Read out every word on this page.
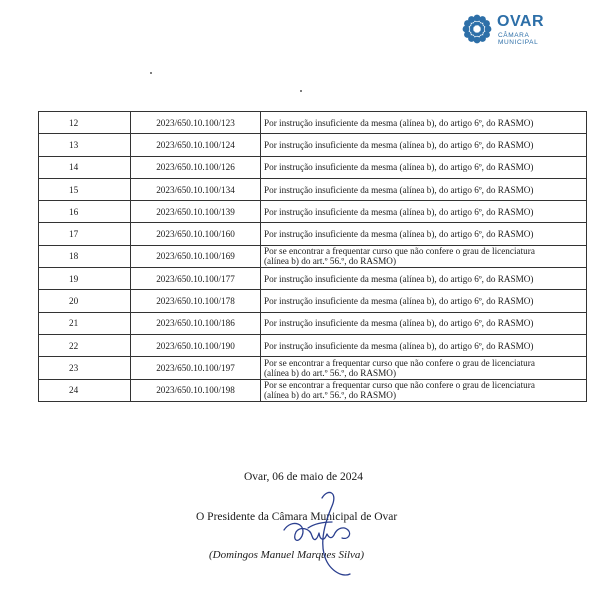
OVAR
CÂMARA
MUNICIPAL
12	2023/650.10.100/123	Por instrução insuficiente da mesma (alínea b), do artigo 6º, do RASMO)

13	2023/650.10.100/124	Por instrução insuficiente da mesma (alínea b), do artigo 6º, do RASMO)

14	2023/650.10.100/126	Por instrução insuficiente da mesma (alínea b), do artigo 6º, do RASMO)

15	2023/650.10.100/134	Por instrução insuficiente da mesma (alínea b), do artigo 6º, do RASMO)

16	2023/650.10.100/139	Por instrução insuficiente da mesma (alínea b), do artigo 6º, do RASMO)

17	2023/650.10.100/160	Por instrução insuficiente da mesma (alínea b), do artigo 6º, do RASMO)

18	2023/650.10.100/169	Por se encontrar a frequentar curso que não confere o grau de licenciatura
(alínea b) do art.º 56.º, do RASMO)

19	2023/650.10.100/177	Por instrução insuficiente da mesma (alínea b), do artigo 6º, do RASMO)

20	2023/650.10.100/178	Por instrução insuficiente da mesma (alínea b), do artigo 6º, do RASMO)

21	2023/650.10.100/186	Por instrução insuficiente da mesma (alínea b), do artigo 6º, do RASMO)

22	2023/650.10.100/190	Por instrução insuficiente da mesma (alínea b), do artigo 6º, do RASMO)

23	2023/650.10.100/197	Por se encontrar a frequentar curso que não confere o grau de licenciatura
(alínea b) do art.º 56.º, do RASMO)

24	2023/650.10.100/198	Por se encontrar a frequentar curso que não confere o grau de licenciatura
(alínea b) do art.º 56.º, do RASMO)
Ovar, 06 de maio de 2024
O Presidente da Câmara Municipal de Ovar
(Domingos Manuel Marques Silva)
